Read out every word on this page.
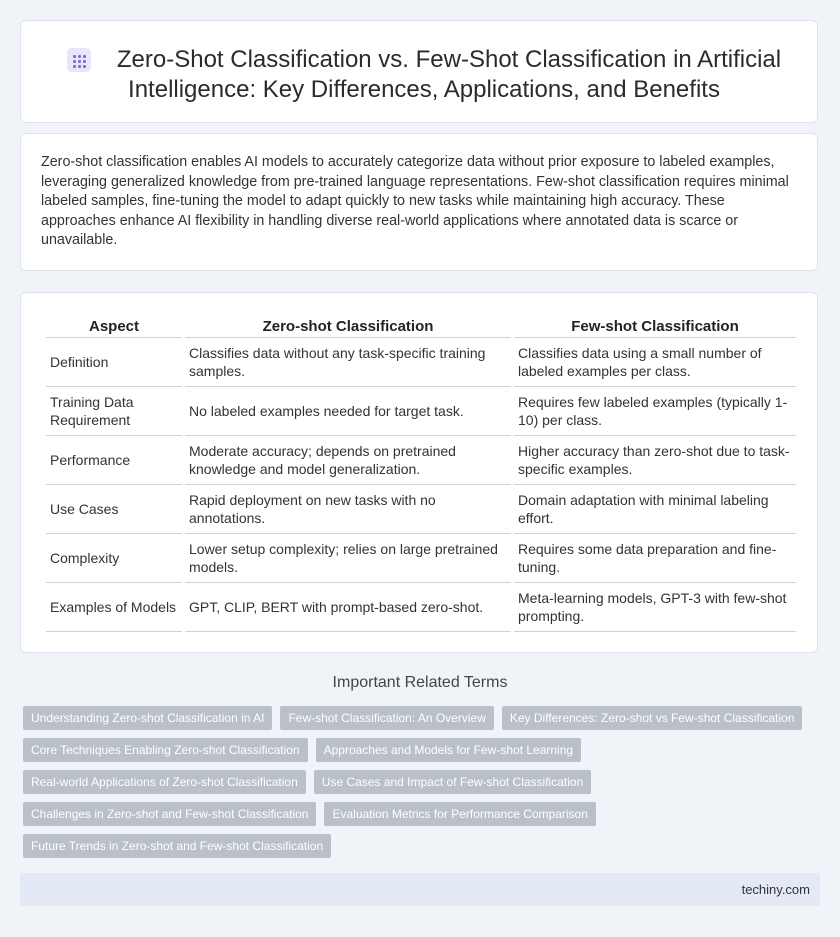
Zero-Shot Classification vs. Few-Shot Classification in Artificial Intelligence: Key Differences, Applications, and Benefits

Zero-shot classification enables AI models to accurately categorize data without prior exposure to labeled examples, leveraging generalized knowledge from pre-trained language representations. Few-shot classification requires minimal labeled samples, fine-tuning the model to adapt quickly to new tasks while maintaining high accuracy. These approaches enhance AI flexibility in handling diverse real-world applications where annotated data is scarce or unavailable.

Aspect	Zero-shot Classification	Few-shot Classification
Definition	Classifies data without any task-specific training samples.	Classifies data using a small number of labeled examples per class.
Training Data Requirement	No labeled examples needed for target task.	Requires few labeled examples (typically 1-10) per class.
Performance	Moderate accuracy; depends on pretrained knowledge and model generalization.	Higher accuracy than zero-shot due to task-specific examples.
Use Cases	Rapid deployment on new tasks with no annotations.	Domain adaptation with minimal labeling effort.
Complexity	Lower setup complexity; relies on large pretrained models.	Requires some data preparation and fine-tuning.
Examples of Models	GPT, CLIP, BERT with prompt-based zero-shot.	Meta-learning models, GPT-3 with few-shot prompting.
Important Related Terms
Understanding Zero-shot Classification in AI	Few-shot Classification: An Overview	Key Differences: Zero-shot vs Few-shot Classification
Core Techniques Enabling Zero-shot Classification	Approaches and Models for Few-shot Learning
Real-world Applications of Zero-shot Classification	Use Cases and Impact of Few-shot Classification
Challenges in Zero-shot and Few-shot Classification	Evaluation Metrics for Performance Comparison
Future Trends in Zero-shot and Few-shot Classification
techiny.com
